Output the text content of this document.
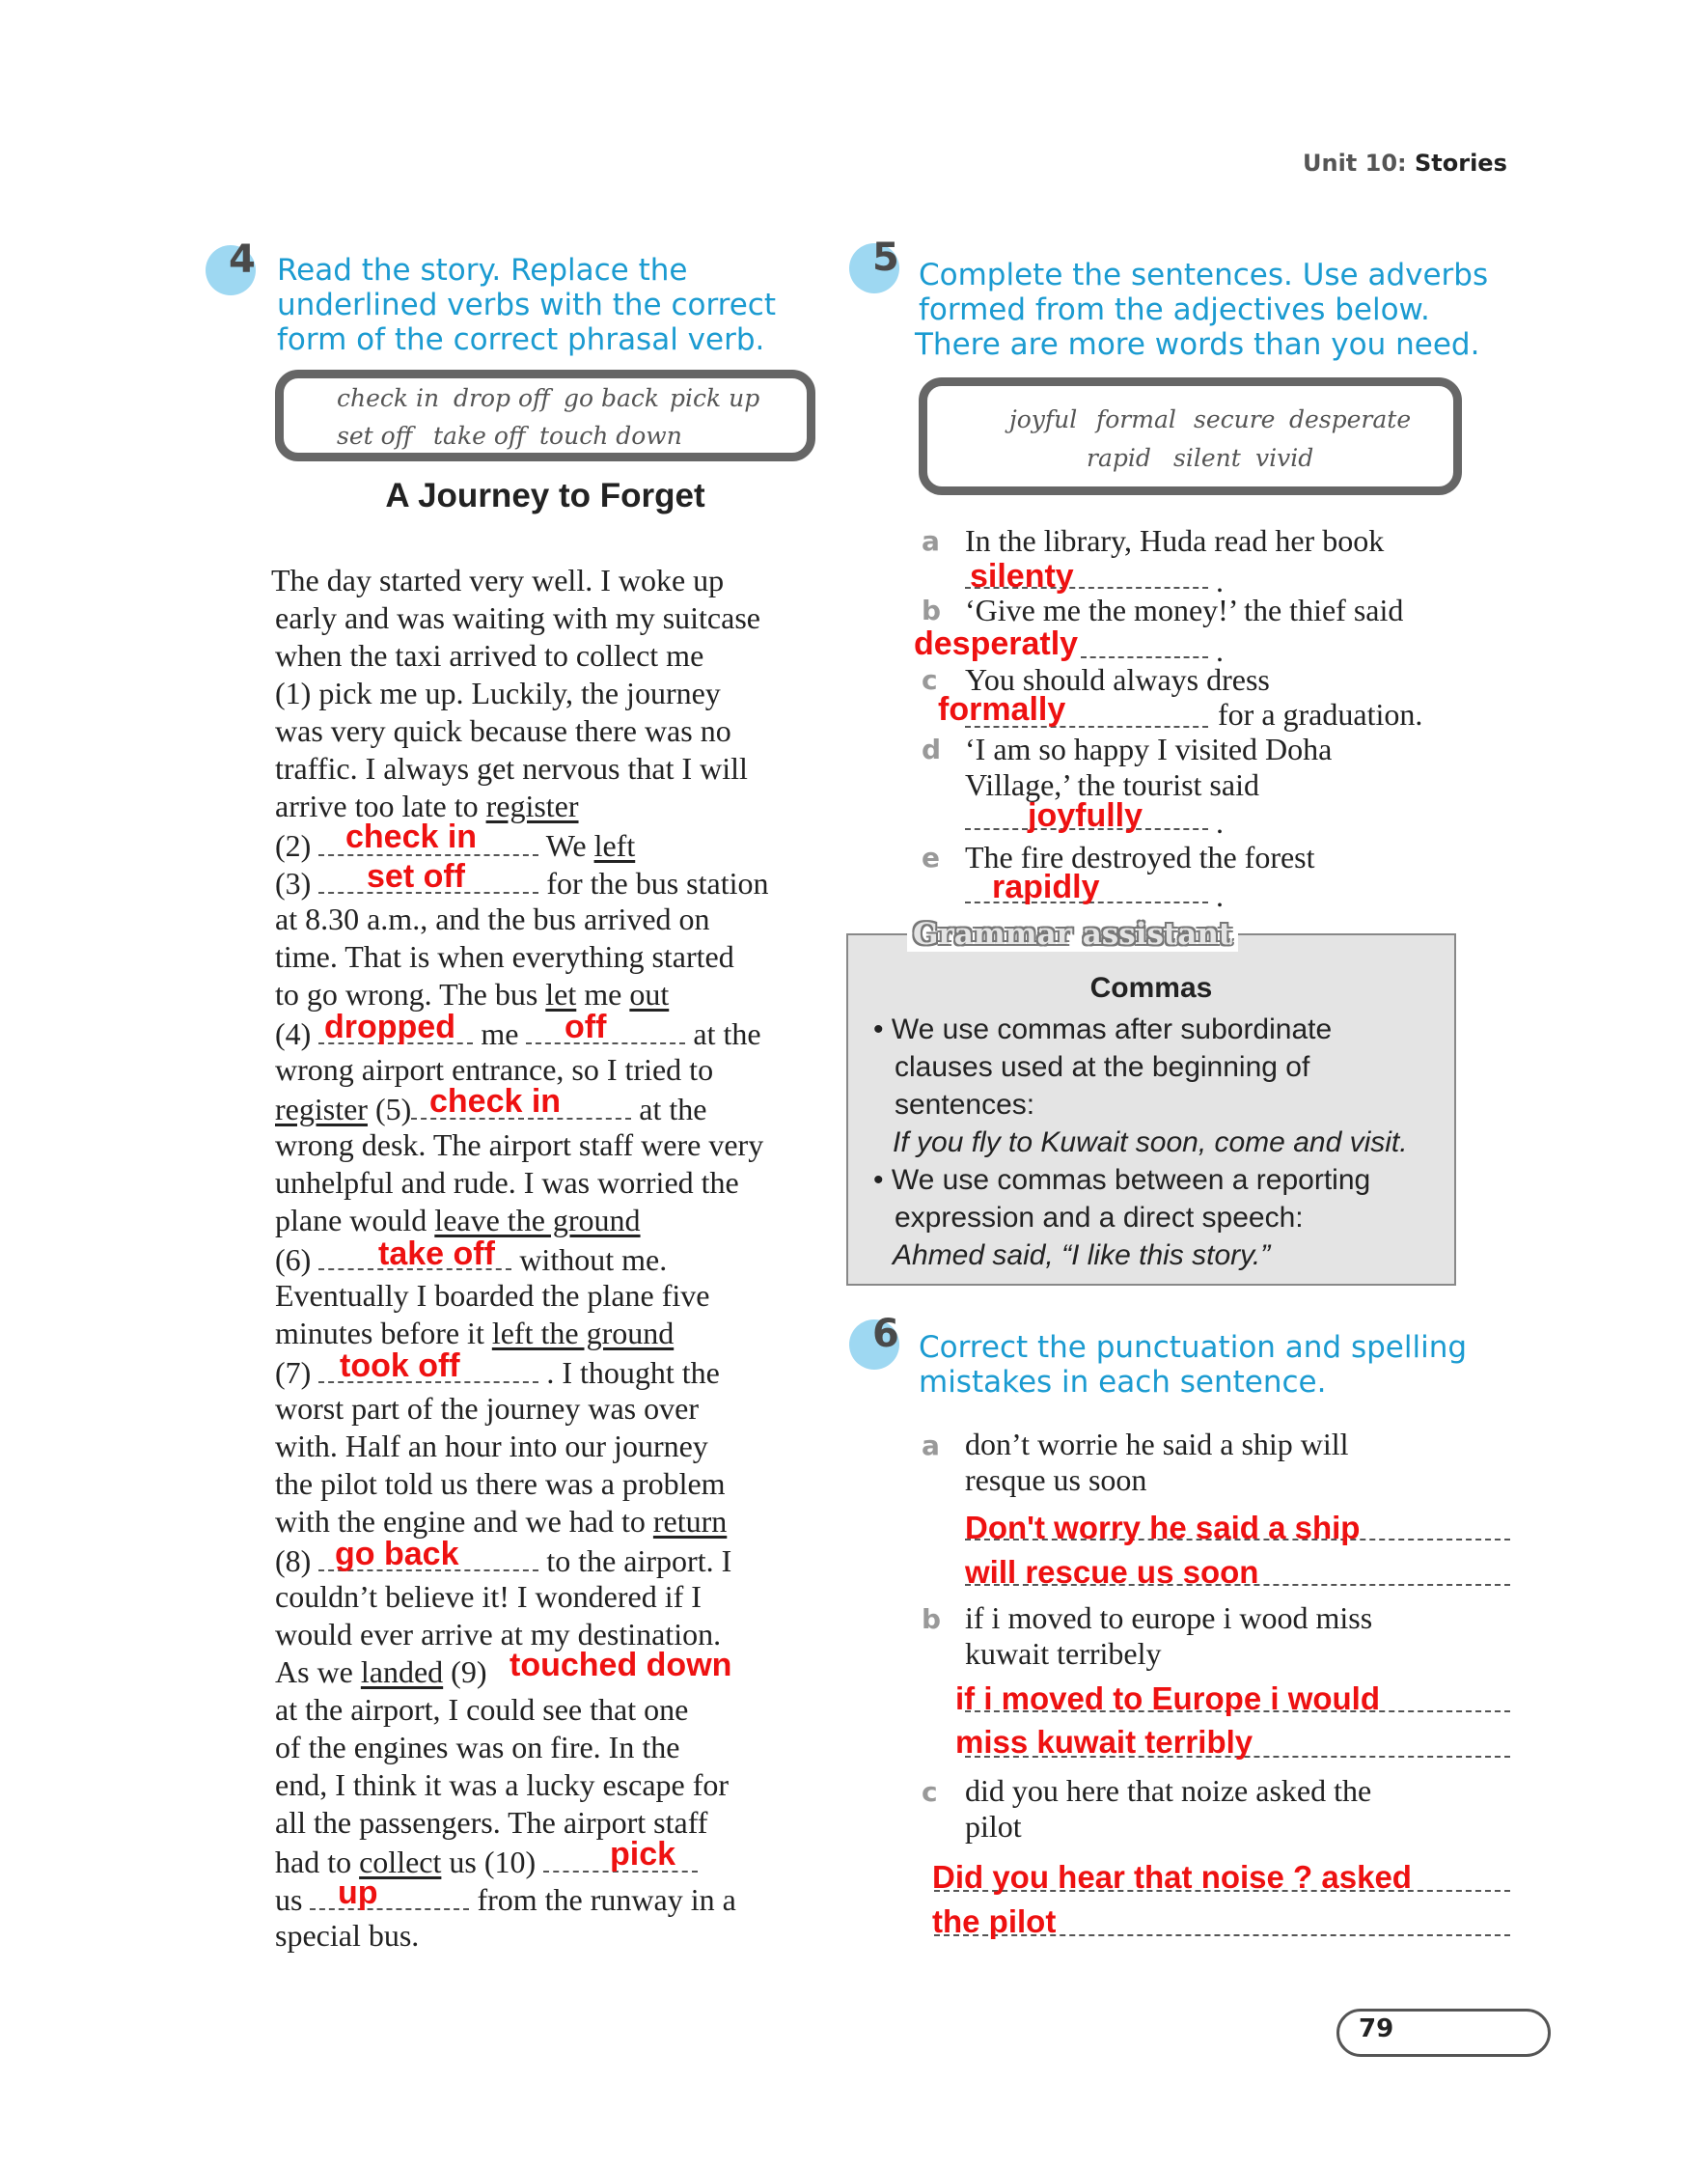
Unit 10: Stories
4 Read the story. Replace the
underlined verbs with the correct
form of the correct phrasal verb.
check in drop off go back pick up
set off take off touch down
A Journey to Forget
The day started very well. I woke up
early and was waiting with my suitcase
when the taxi arrived to collect me
(1) pick me up. Luckily, the journey
was very quick because there was no
traffic. I always get nervous that I will
arrive too late to register
(2)	We left
(3)	for the bus station
at 8.30 a.m., and the bus arrived on
time. That is when everything started
to go wrong. The bus let me out
(4)	me	at the
wrong airport entrance, so I tried to
register (5)	at the
wrong desk. The airport staff were very
unhelpful and rude. I was worried the
plane would leave the ground
(6)	without me.
Eventually I boarded the plane five
minutes before it left the ground
(7)	. I thought the
worst part of the journey was over
with. Half an hour into our journey
the pilot told us there was a problem
with the engine and we had to return
(8)	to the airport. I
couldn’t believe it! I wondered if I
would ever arrive at my destination.
As we landed (9)
at the airport, I could see that one
of the engines was on fire. In the
end, I think it was a lucky escape for
all the passengers. The airport staff
had to collect us (10)
us	from the runway in a
special bus.
check in
set off
dropped	off
check in
take off
took off
go back
touched down
pick
up
5 Complete the sentences. Use adverbs
formed from the adjectives below.
There are more words than you need.
joyful formal secure desperate
rapid silent vivid
a In the library, Huda read her book
.
silenty
b ‘Give me the money!’ the thief said
.
desperatly
c You should always dress
for a graduation.
formally
d ‘I am so happy I visited Doha
Village,’ the tourist said
.
joyfully
e The fire destroyed the forest
.
rapidly
Grammar assistant
Commas
• We use commas after subordinate
clauses used at the beginning of
sentences:
If you fly to Kuwait soon, come and visit.
• We use commas between a reporting
expression and a direct speech:
Ahmed said, “I like this story.”
6 Correct the punctuation and spelling
mistakes in each sentence.
a don’t worrie he said a ship will
resque us soon
Don't worry he said a ship
will rescue us soon
b if i moved to europe i wood miss
kuwait terribely
if i moved to Europe i would
miss kuwait terribly
c did you here that noize asked the
pilot
Did you hear that noise ? asked
the pilot
79
